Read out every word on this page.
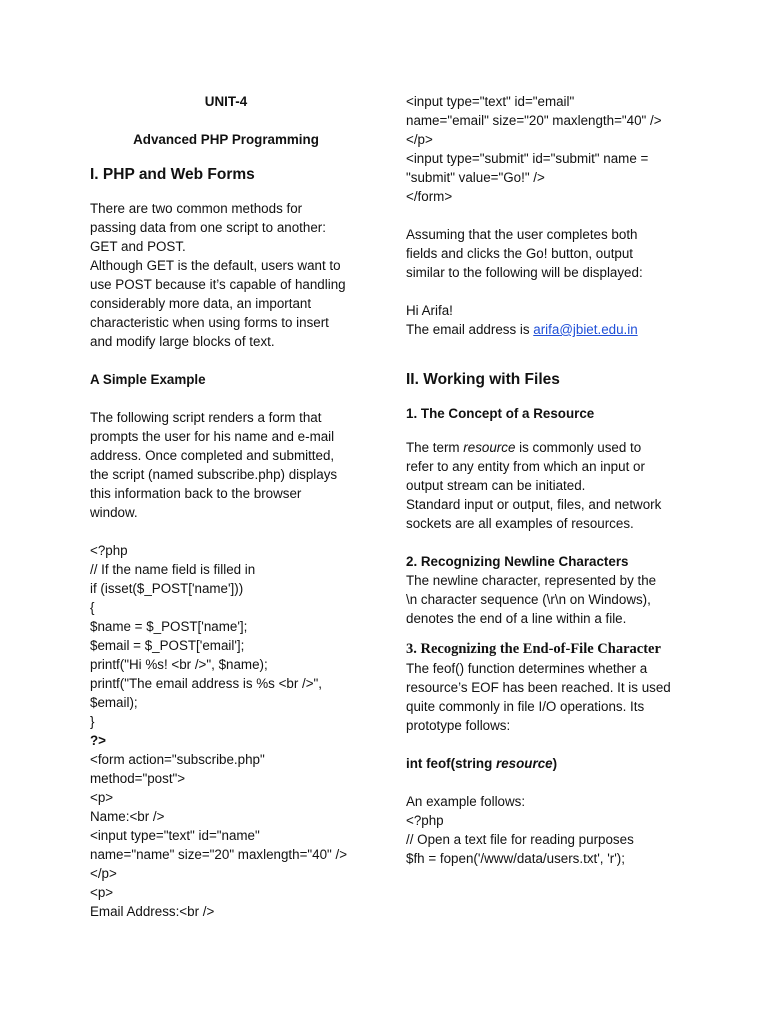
UNIT-4
Advanced PHP Programming
I. PHP and Web Forms
There are two common methods for
passing data from one script to another:
GET and POST.
Although GET is the default, users want to
use POST because it’s capable of handling
considerably more data, an important
characteristic when using forms to insert
and modify large blocks of text.
A Simple Example
The following script renders a form that
prompts the user for his name and e-mail
address. Once completed and submitted,
the script (named subscribe.php) displays
this information back to the browser
window.
<?php
// If the name field is filled in
if (isset($_POST['name']))
{
$name = $_POST['name'];
$email = $_POST['email'];
printf("Hi %s! <br />", $name);
printf("The email address is %s <br />",
$email);
}
?>
<form action="subscribe.php"
method="post">
<p>
Name:<br />
<input type="text" id="name"
name="name" size="20" maxlength="40" />
</p>
<p>
Email Address:<br />
<input type="text" id="email"
name="email" size="20" maxlength="40" />
</p>
<input type="submit" id="submit" name =
"submit" value="Go!" />
</form>
Assuming that the user completes both
fields and clicks the Go! button, output
similar to the following will be displayed:
Hi Arifa!
The email address is arifa@jbiet.edu.in
II. Working with Files
1. The Concept of a Resource
The term resource is commonly used to
refer to any entity from which an input or
output stream can be initiated.
Standard input or output, files, and network
sockets are all examples of resources.
2. Recognizing Newline Characters
The newline character, represented by the
\n character sequence (\r\n on Windows),
denotes the end of a line within a file.
3. Recognizing the End-of-File Character
The feof() function determines whether a
resource’s EOF has been reached. It is used
quite commonly in file I/O operations. Its
prototype follows:
int feof(string resource)
An example follows:
<?php
// Open a text file for reading purposes
$fh = fopen('/www/data/users.txt', 'r');
